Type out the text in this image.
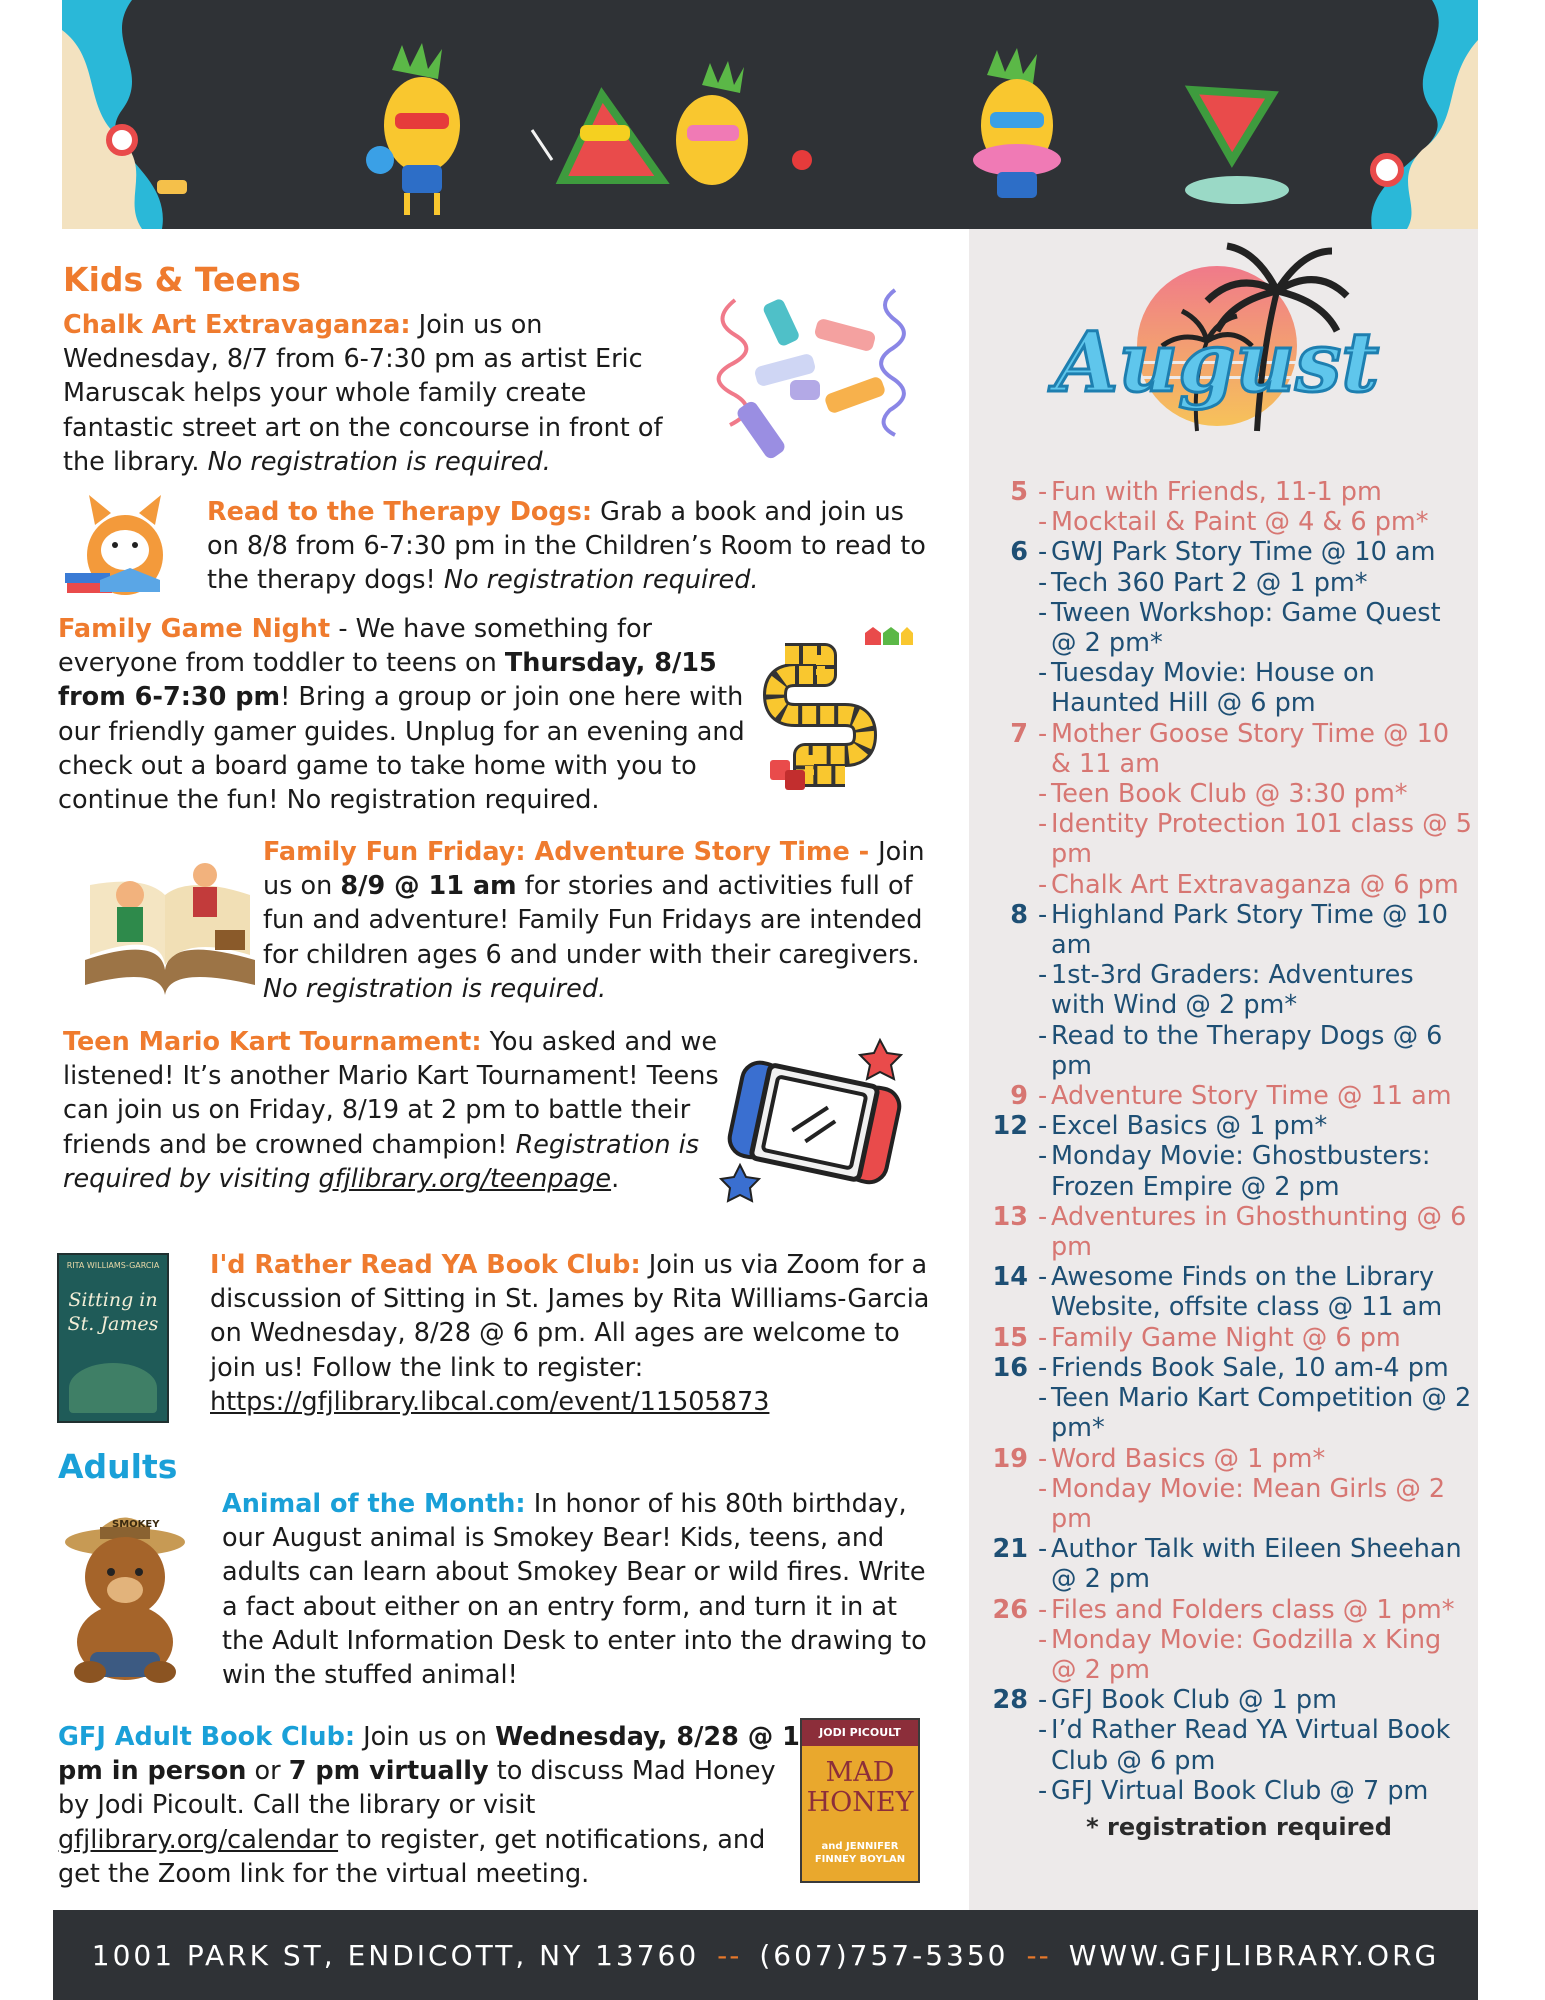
Kids & Teens
Chalk Art Extravaganza: Join us on Wednesday, 8/7 from 6-7:30 pm as artist Eric Maruscak helps your whole family create fantastic street art on the concourse in front of the library. No registration is required.
Read to the Therapy Dogs: Grab a book and join us on 8/8 from 6-7:30 pm in the Children’s Room to read to the therapy dogs! No registration required.
Family Game Night - We have something for everyone from toddler to teens on Thursday, 8/15 from 6-7:30 pm! Bring a group or join one here with our friendly gamer guides. Unplug for an evening and check out a board game to take home with you to continue the fun! No registration required.
Family Fun Friday: Adventure Story Time - Join us on 8/9 @ 11 am for stories and activities full of fun and adventure! Family Fun Fridays are intended for children ages 6 and under with their caregivers. No registration is required.
Teen Mario Kart Tournament: You asked and we listened! It’s another Mario Kart Tournament! Teens can join us on Friday, 8/19 at 2 pm to battle their friends and be crowned champion! Registration is required by visiting gfjlibrary.org/teenpage.
I'd Rather Read YA Book Club: Join us via Zoom for a discussion of Sitting in St. James by Rita Williams-Garcia on Wednesday, 8/28 @ 6 pm. All ages are welcome to join us! Follow the link to register: https://gfjlibrary.libcal.com/event/11505873
Adults
Animal of the Month: In honor of his 80th birthday, our August animal is Smokey Bear! Kids, teens, and adults can learn about Smokey Bear or wild fires. Write a fact about either on an entry form, and turn it in at the Adult Information Desk to enter into the drawing to win the stuffed animal!
GFJ Adult Book Club: Join us on Wednesday, 8/28 @ 1 pm in person or 7 pm virtually to discuss Mad Honey by Jodi Picoult. Call the library or visit gfjlibrary.org/calendar to register, get notifications, and get the Zoom link for the virtual meeting.
RITA WILLIAMS-GARCIA
Sitting in St. James
SMOKEY
JODI PICOULT
MAD
HONEY
and JENNIFER
FINNEY BOYLAN
August
5 - Fun with Friends, 11-1 pm
- Mocktail & Paint @ 4 & 6 pm*
6 - GWJ Park Story Time @ 10 am
- Tech 360 Part 2 @ 1 pm*
- Tween Workshop: Game Quest @ 2 pm*
- Tuesday Movie: House on Haunted Hill @ 6 pm
7 - Mother Goose Story Time @ 10 & 11 am
- Teen Book Club @ 3:30 pm*
- Identity Protection 101 class @ 5 pm
- Chalk Art Extravaganza @ 6 pm
8 - Highland Park Story Time @ 10 am
- 1st-3rd Graders: Adventures with Wind @ 2 pm*
- Read to the Therapy Dogs @ 6 pm
9 - Adventure Story Time @ 11 am
12 - Excel Basics @ 1 pm*
- Monday Movie: Ghostbusters: Frozen Empire @ 2 pm
13 - Adventures in Ghosthunting @ 6 pm
14 - Awesome Finds on the Library Website, offsite class @ 11 am
15 - Family Game Night @ 6 pm
16 - Friends Book Sale, 10 am-4 pm
- Teen Mario Kart Competition @ 2 pm*
19 - Word Basics @ 1 pm*
- Monday Movie: Mean Girls @ 2 pm
21 - Author Talk with Eileen Sheehan @ 2 pm
26 - Files and Folders class @ 1 pm*
- Monday Movie: Godzilla x King @ 2 pm
28 - GFJ Book Club @ 1 pm
- I’d Rather Read YA Virtual Book Club @ 6 pm
- GFJ Virtual Book Club @ 7 pm
* registration required
1001 PARK ST, ENDICOTT, NY 13760 -- (607)757-5350 -- WWW.GFJLIBRARY.ORG
